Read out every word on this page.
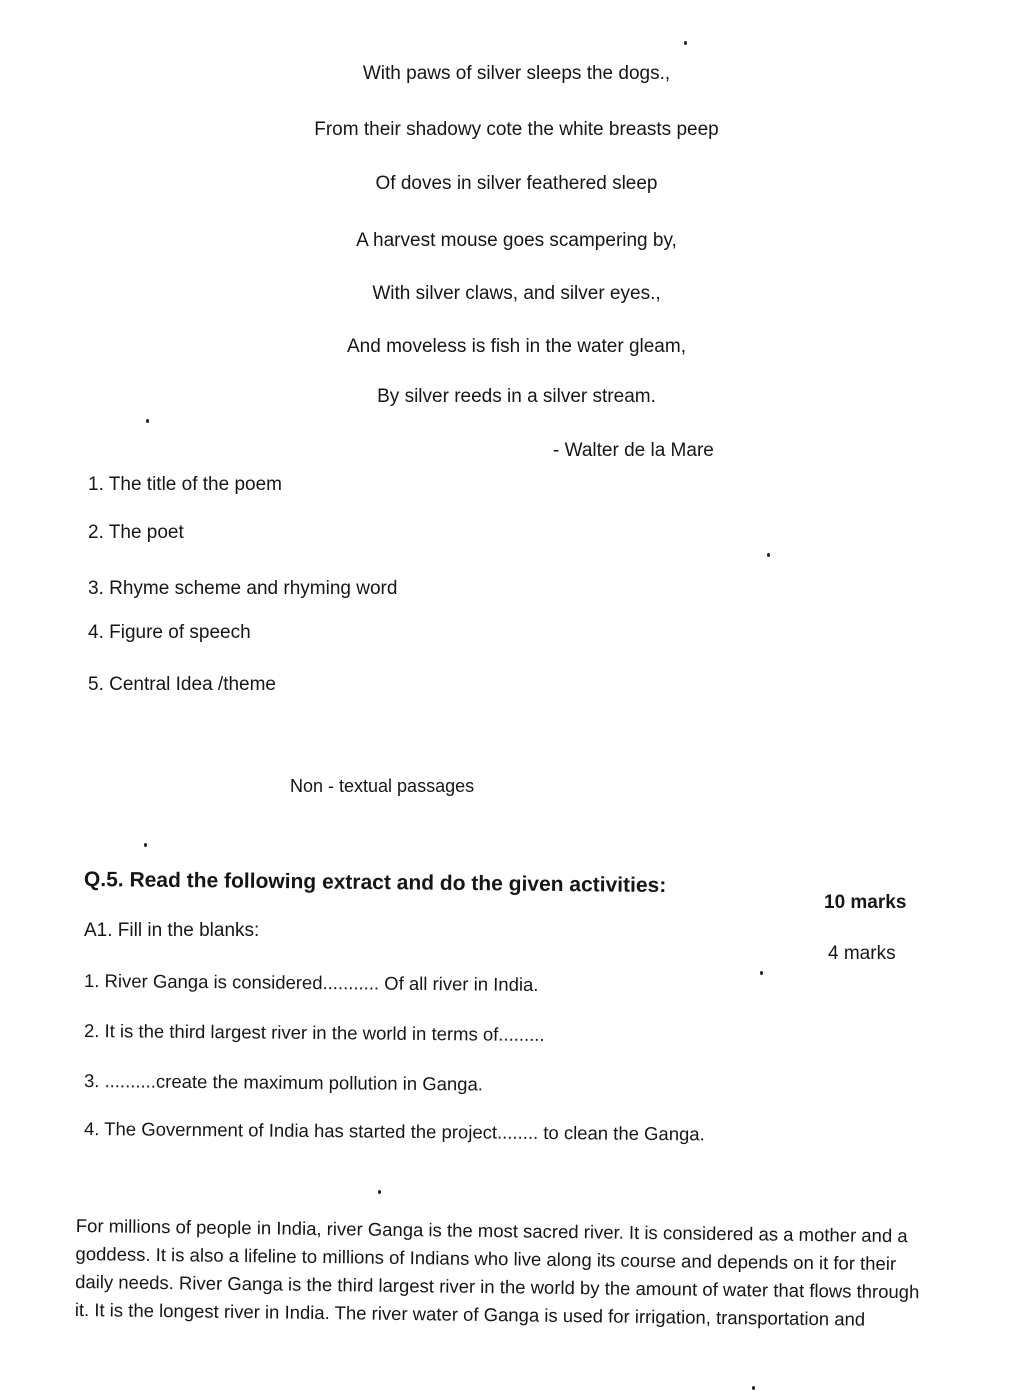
With paws of silver sleeps the dogs.,
From their shadowy cote the white breasts peep
Of doves in silver feathered sleep
A harvest mouse goes scampering by,
With silver claws, and silver eyes.,
And moveless is fish in the water gleam,
By silver reeds in a silver stream.
- Walter de la Mare
1. The title of the poem
2. The poet
3. Rhyme scheme and rhyming word
4. Figure of speech
5. Central Idea /theme
Non - textual passages
Q.5. Read the following extract and do the given activities:
10 marks
A1. Fill in the blanks:
4 marks
1. River Ganga is considered........... Of all river in India.
2. It is the third largest river in the world in terms of.........
3. ..........create the maximum pollution in Ganga.
4. The Government of India has started the project........ to clean the Ganga.
For millions of people in India, river Ganga is the most sacred river. It is considered as a mother and a
goddess. It is also a lifeline to millions of Indians who live along its course and depends on it for their
daily needs. River Ganga is the third largest river in the world by the amount of water that flows through
it. It is the longest river in India. The river water of Ganga is used for irrigation, transportation and
